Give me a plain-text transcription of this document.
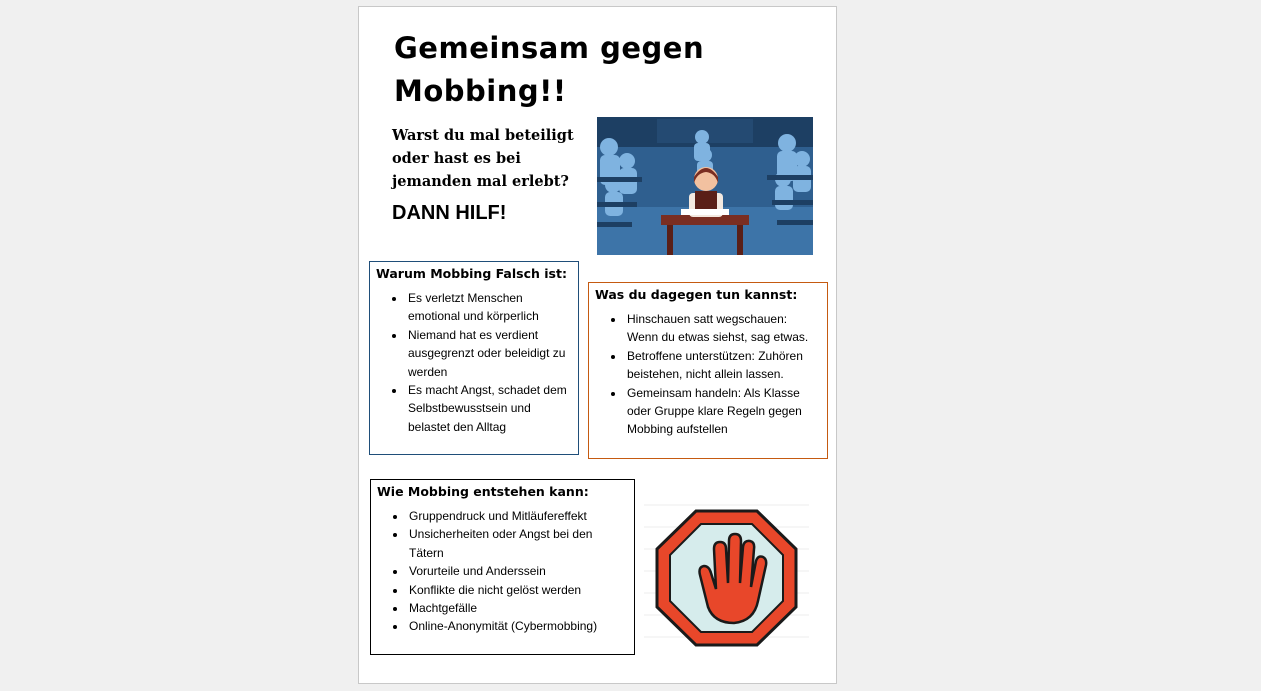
Gemeinsam gegen Mobbing!!
Warst du mal beteiligt oder hast es bei jemanden mal erlebt?
DANN HILF!
Warum Mobbing Falsch ist:
• Es verletzt Menschen emotional und körperlich
• Niemand hat es verdient ausgegrenzt oder beleidigt zu werden
• Es macht Angst, schadet dem Selbstbewusstsein und belastet den Alltag
Was du dagegen tun kannst:
• Hinschauen satt wegschauen: Wenn du etwas siehst, sag etwas.
• Betroffene unterstützen: Zuhören beistehen, nicht allein lassen.
• Gemeinsam handeln: Als Klasse oder Gruppe klare Regeln gegen Mobbing aufstellen
Wie Mobbing entstehen kann:
• Gruppendruck und Mitläufereffekt
• Unsicherheiten oder Angst bei den Tätern
• Vorurteile und Anderssein
• Konflikte die nicht gelöst werden
• Machtgefälle
• Online-Anonymität (Cybermobbing)
